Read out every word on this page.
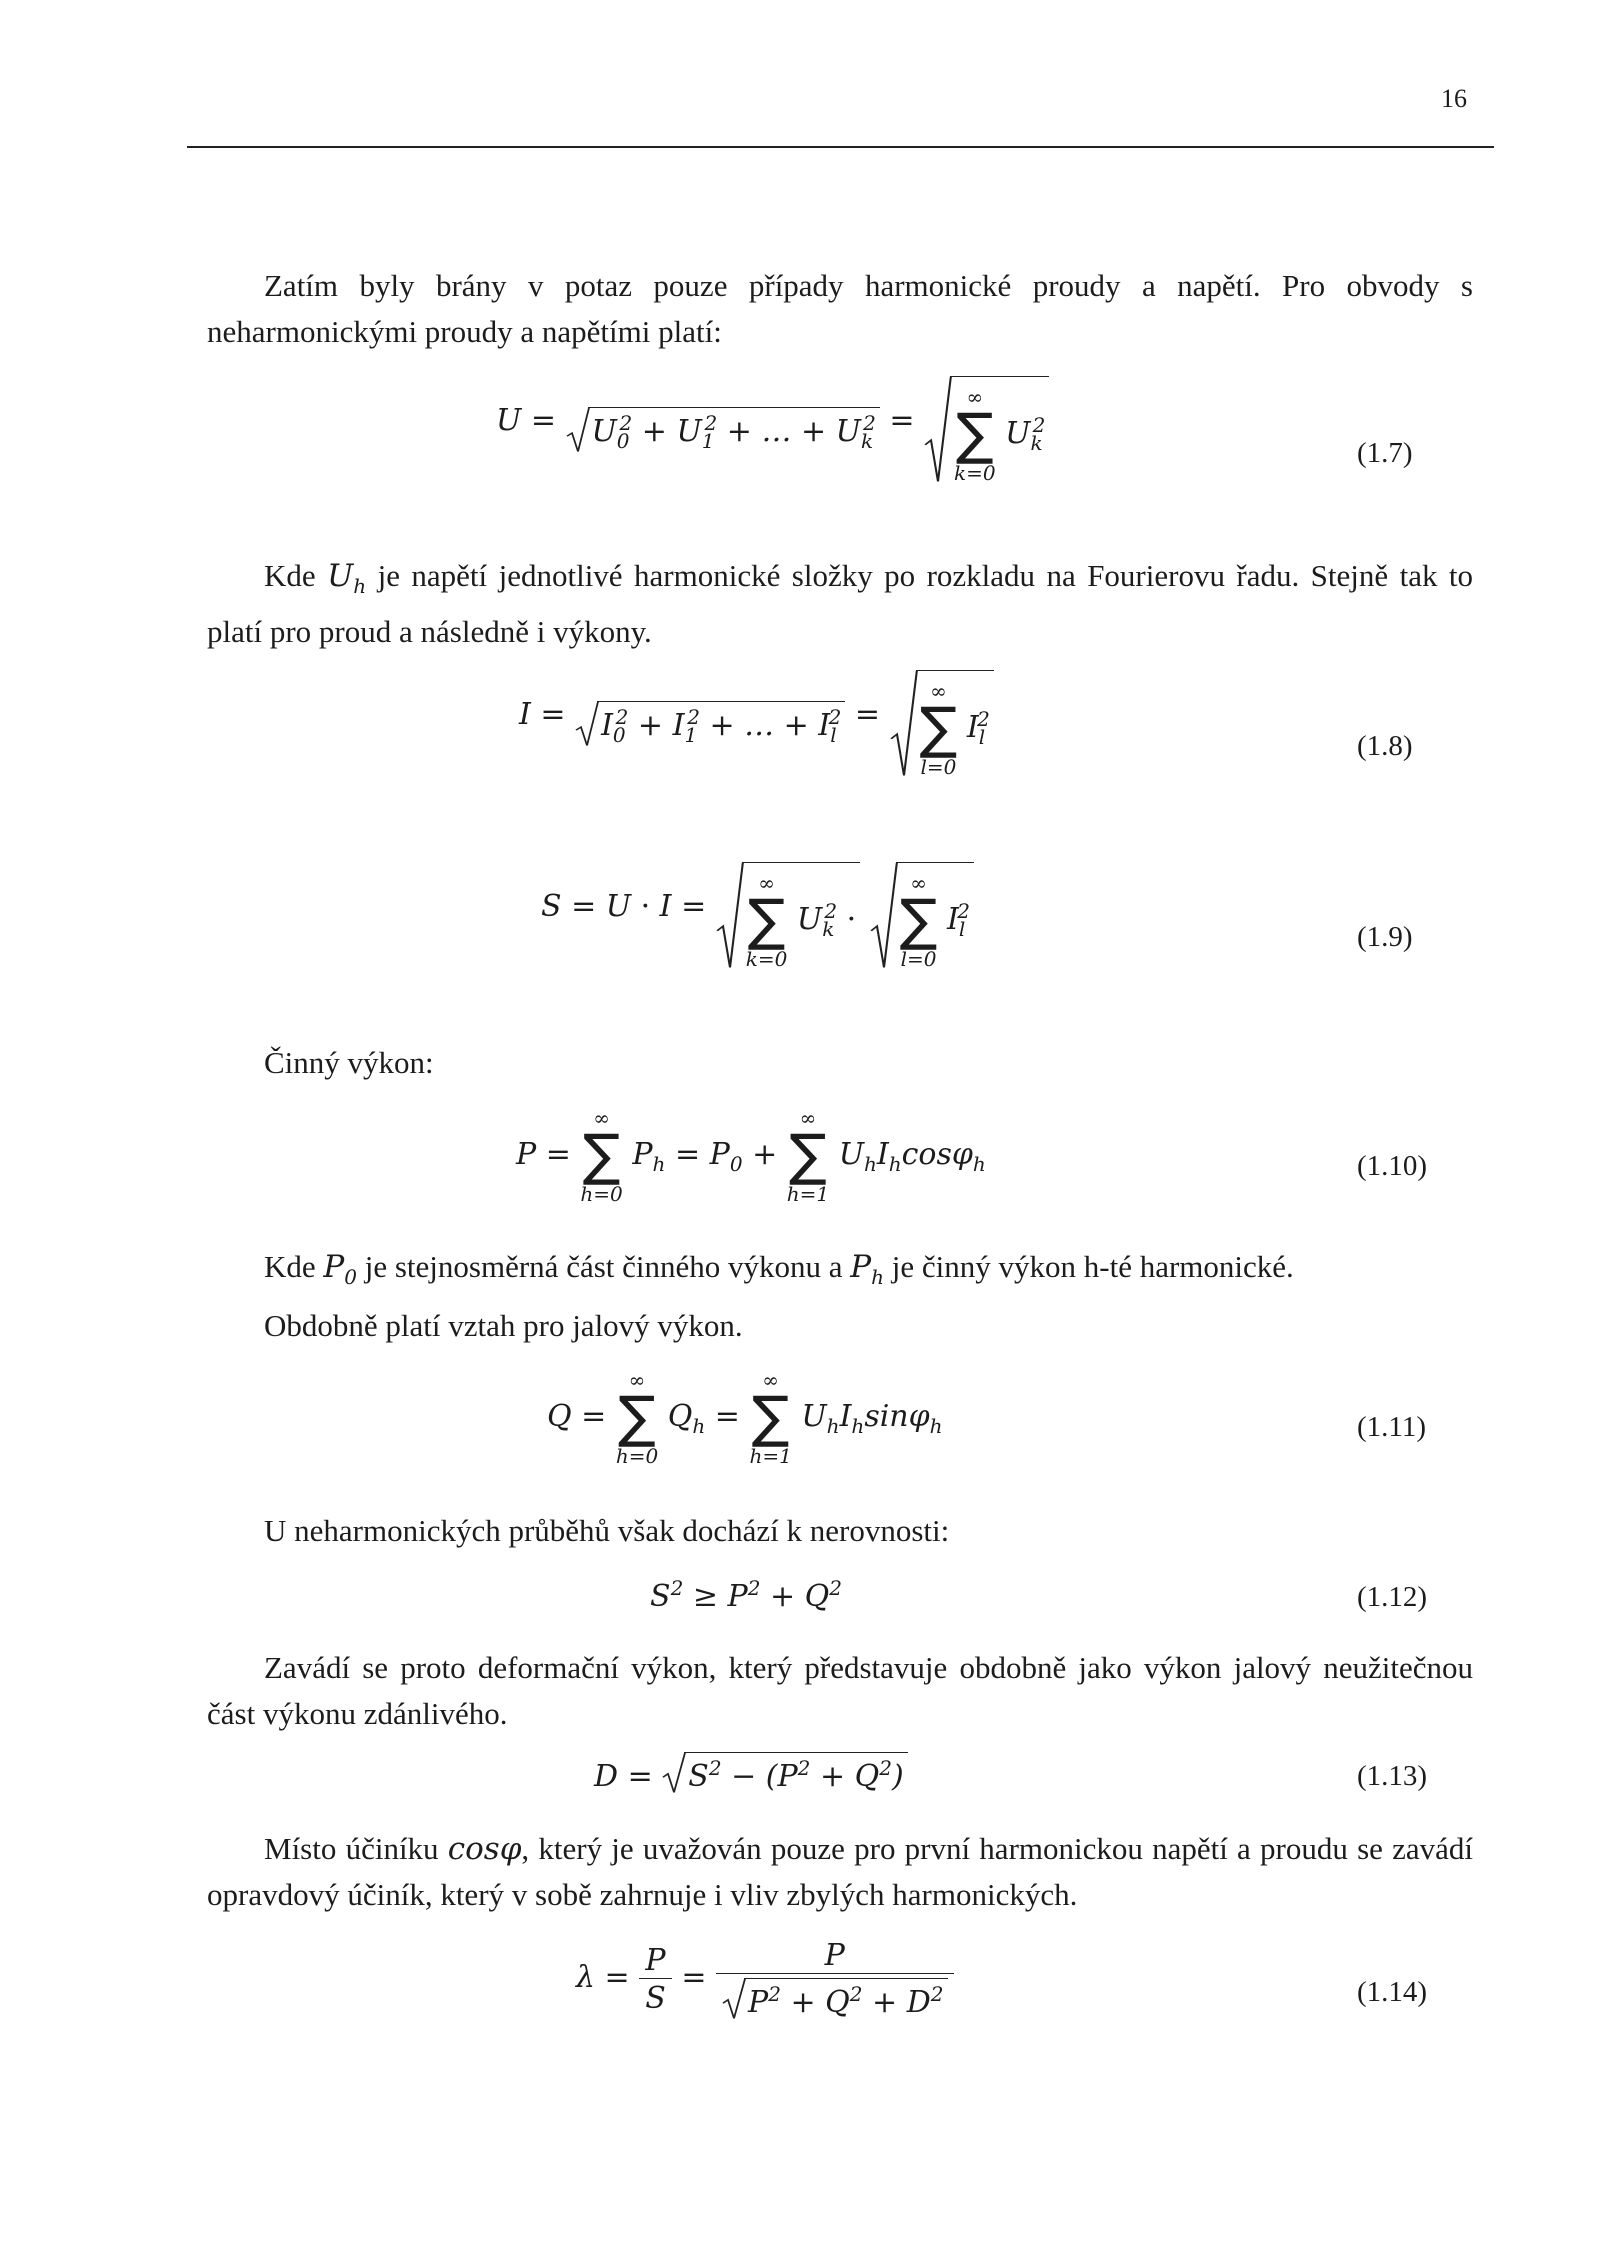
16
Zatím byly brány v potaz pouze případy harmonické proudy a napětí. Pro obvody s neharmonickými proudy a napětími platí:
U =
$U_0^2 + U_1^2$ + … + $U_k^2$ =
∞
∑
k=0
$U_k^2$
(1.7)
Kde $U_h$ je napětí jednotlivé harmonické složky po rozkladu na Fourierovu řadu. Stejně tak to platí pro proud a následně i výkony.
I =
$I_0^2 + I_1^2$ + … + $I_l^2$ =
∞
∑
l=0
$I_l^2$
(1.8)
S = U · I =
∞
∑
k=0
$U_k^2$ ·
∞
∑
l=0
$I_l^2$
(1.9)
Činný výkon:
P =
∞
∑
h=0
$P_h = P_0$ +
∞
∑
h=1
$U_hI_h\cos\varphi_h$	(1.10)
Kde $P_0$ je stejnosměrná část činného výkonu a $P_h$ je činný výkon h-té harmonické.
Obdobně platí vztah pro jalový výkon.
Q =
∞
∑
h=0
$Q_h$ =
∞
∑
h=1
$U_hI_h\sin\varphi_h$	(1.11)
U neharmonických průběhů však dochází k nerovnosti:
$S^2 \ge P^2 + Q^2$	(1.12)
Zavádí se proto deformační výkon, který představuje obdobně jako výkon jalový neužitečnou část výkonu zdánlivého.
D =
$S^2 - (P^2 + Q^2)$	(1.13)
Místo účiníku cosφ, který je uvažován pouze pro první harmonickou napětí a proudu se zavádí opravdový účiník, který v sobě zahrnuje i vliv zbylých harmonických.
$\lambda = \frac{P}{S} = \frac{P}{P^2 + Q^2 + D^2}$	(1.14)
